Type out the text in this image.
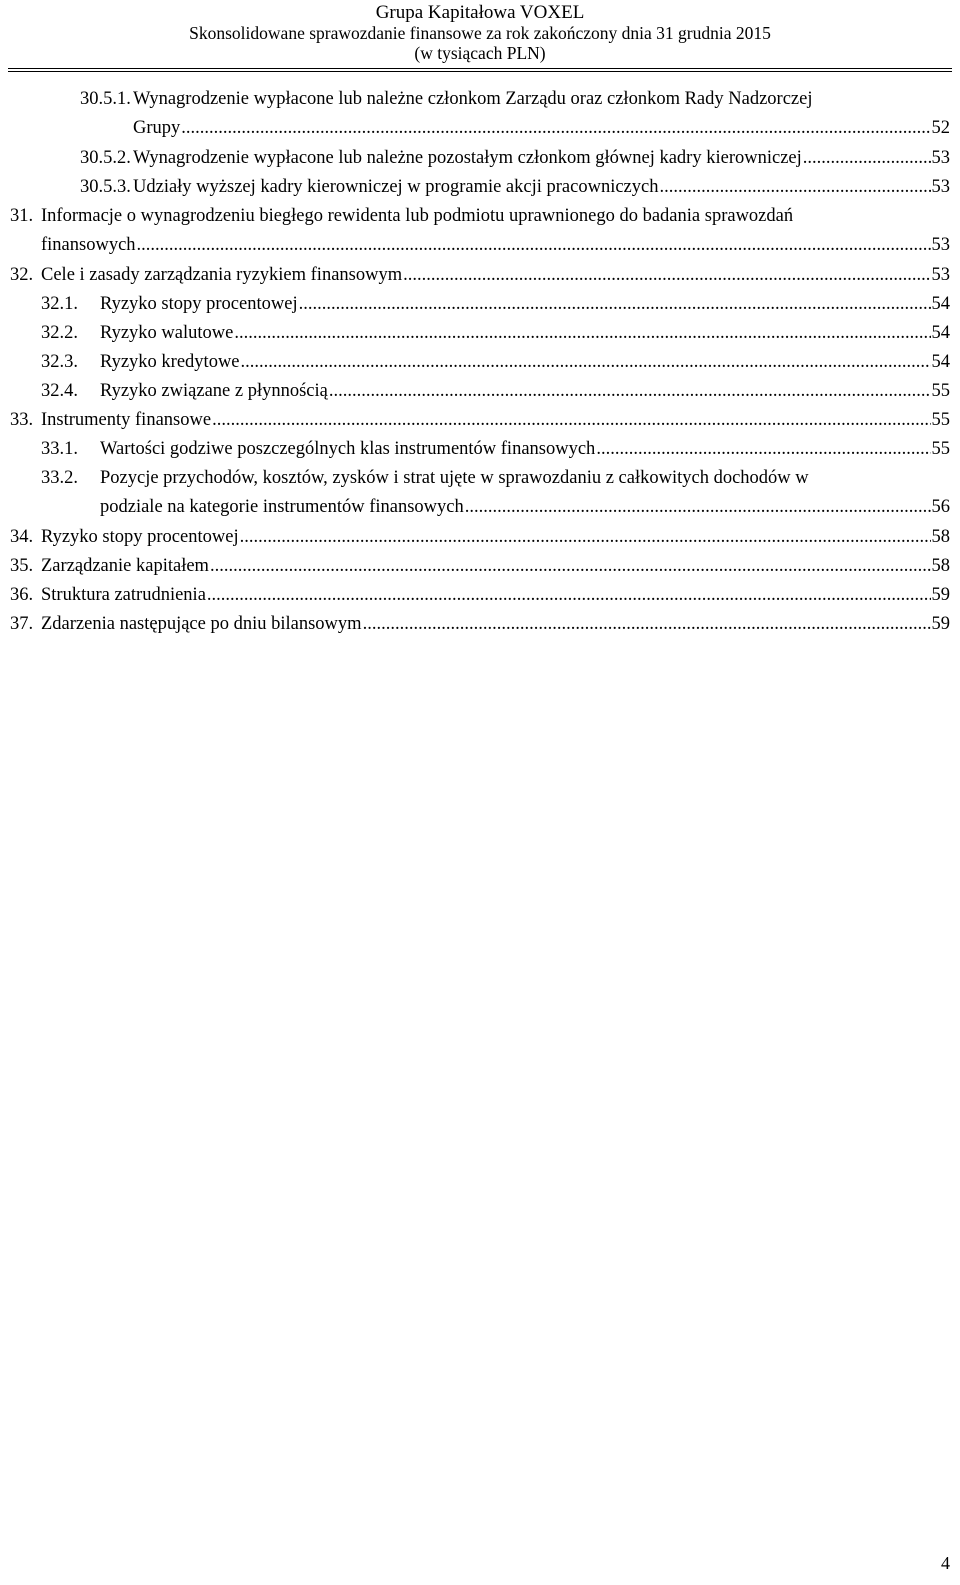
Grupa Kapitałowa VOXEL
Skonsolidowane sprawozdanie finansowe za rok zakończony dnia 31 grudnia 2015
(w tysiącach PLN)
30.5.1. Wynagrodzenie wypłacone lub należne członkom Zarządu oraz członkom Rady Nadzorczej
Grupy .....	52
30.5.2. Wynagrodzenie wypłacone lub należne pozostałym członkom głównej kadry kierowniczej .....	53
30.5.3. Udziały wyższej kadry kierowniczej w programie akcji pracowniczych .....	53
31. Informacje o wynagrodzeniu biegłego rewidenta lub podmiotu uprawnionego do badania sprawozdań
finansowych .....	53
32. Cele i zasady zarządzania ryzykiem finansowym .....	53
32.1. Ryzyko stopy procentowej .....	54
32.2. Ryzyko walutowe .....	54
32.3. Ryzyko kredytowe .....	54
32.4. Ryzyko związane z płynnością .....	55
33. Instrumenty finansowe .....	55
33.1. Wartości godziwe poszczególnych klas instrumentów finansowych .....	55
33.2. Pozycje przychodów, kosztów, zysków i strat ujęte w sprawozdaniu z całkowitych dochodów w
podziale na kategorie instrumentów finansowych .....	56
34. Ryzyko stopy procentowej .....	58
35. Zarządzanie kapitałem .....	58
36. Struktura zatrudnienia .....	59
37. Zdarzenia następujące po dniu bilansowym .....	59
4
